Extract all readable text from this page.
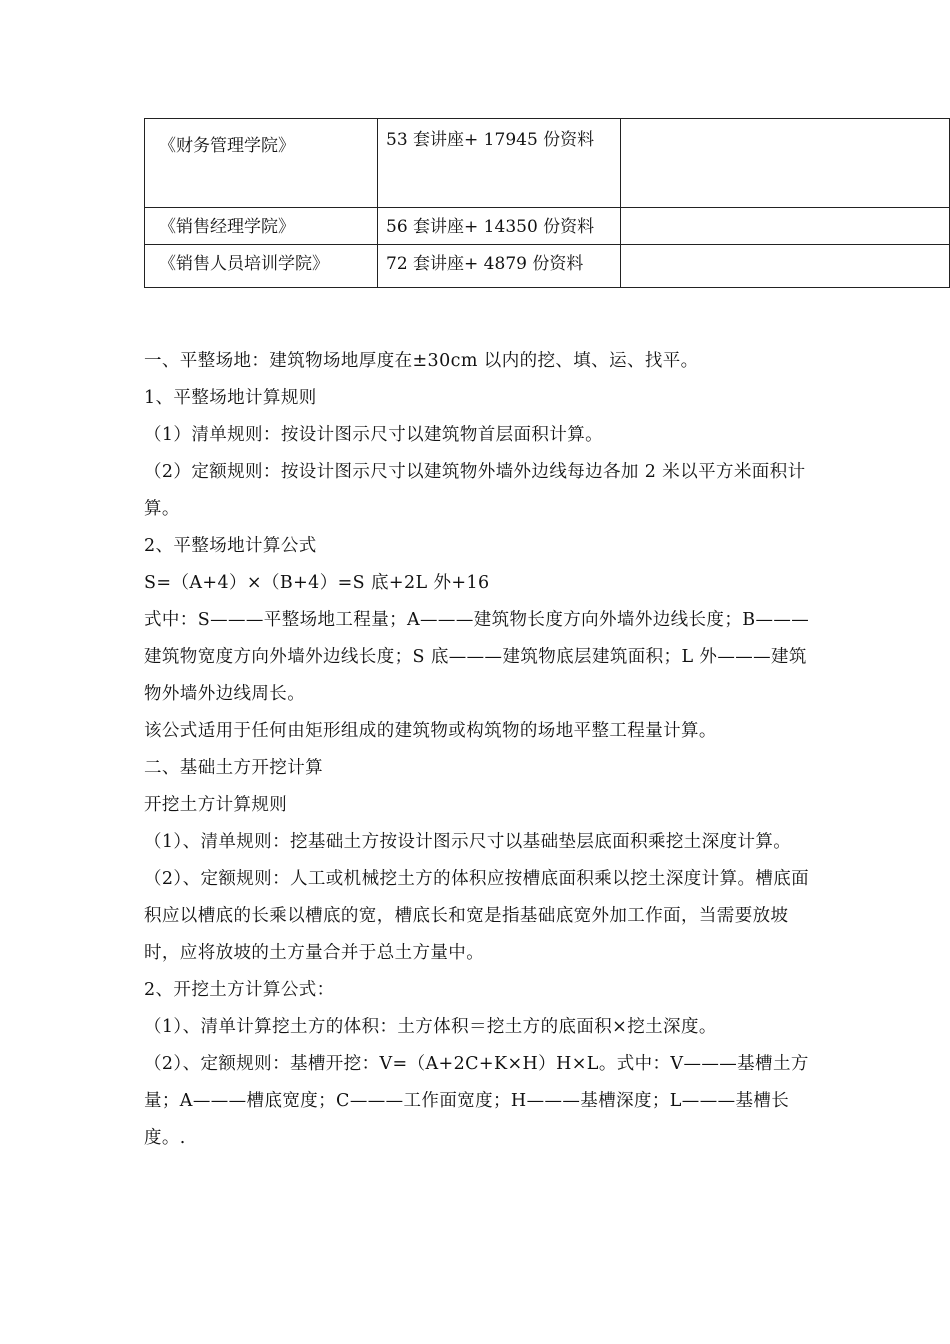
《财务管理学院》	53 套讲座+ 17945 份资料	
《销售经理学院》	56 套讲座+ 14350 份资料	
《销售人员培训学院》	72 套讲座+ 4879 份资料	

一、平整场地：建筑物场地厚度在±30cm 以内的挖、填、运、找平。

1、平整场地计算规则

（1）清单规则：按设计图示尺寸以建筑物首层面积计算。

（2）定额规则：按设计图示尺寸以建筑物外墙外边线每边各加 2 米以平方米面积计算。

2、平整场地计算公式

S=（A+4）×（B+4）=S 底+2L 外+16

式中：S———平整场地工程量；A———建筑物长度方向外墙外边线长度；B———建筑物宽度方向外墙外边线长度；S 底———建筑物底层建筑面积；L 外———建筑物外墙外边线周长。

该公式适用于任何由矩形组成的建筑物或构筑物的场地平整工程量计算。

二、基础土方开挖计算

开挖土方计算规则

（1）、清单规则：挖基础土方按设计图示尺寸以基础垫层底面积乘挖土深度计算。

（2）、定额规则：人工或机械挖土方的体积应按槽底面积乘以挖土深度计算。槽底面积应以槽底的长乘以槽底的宽，槽底长和宽是指基础底宽外加工作面，当需要放坡时，应将放坡的土方量合并于总土方量中。

2、开挖土方计算公式：

（1）、清单计算挖土方的体积：土方体积＝挖土方的底面积×挖土深度。

（2）、定额规则：基槽开挖：V=（A+2C+K×H）H×L。式中：V———基槽土方量；A———槽底宽度；C———工作面宽度；H———基槽深度；L———基槽长度。.
